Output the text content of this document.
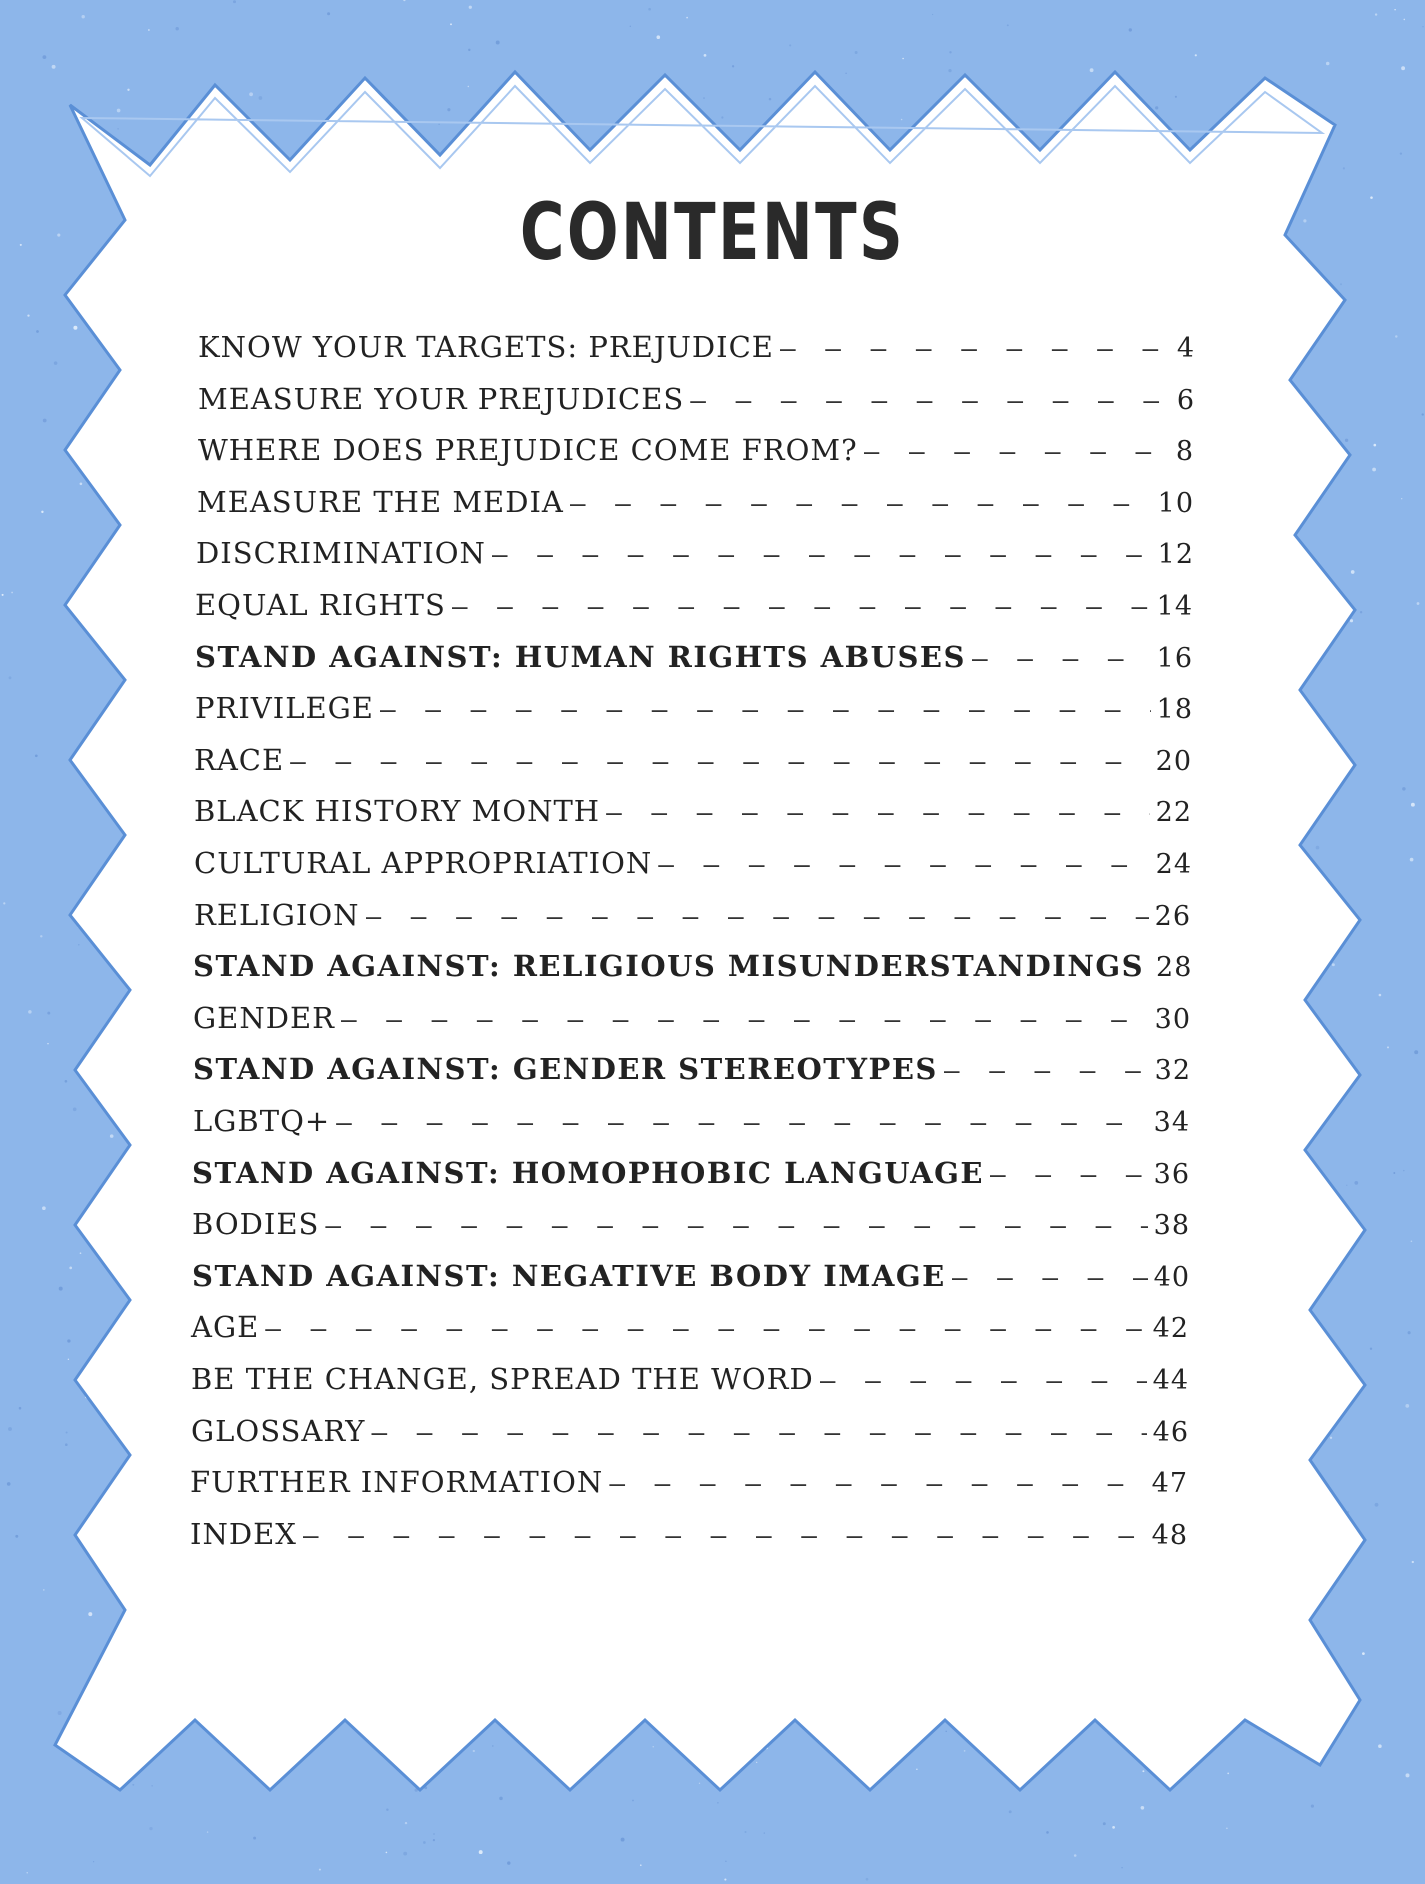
CONTENTS
KNOW YOUR TARGETS: PREJUDICE – – –	4
MEASURE YOUR PREJUDICES – – –	6
WHERE DOES PREJUDICE COME FROM? – – –	8
MEASURE THE MEDIA – – –	10
DISCRIMINATION – – –	12
EQUAL RIGHTS – – –	14
STAND AGAINST: HUMAN RIGHTS ABUSES – – –	16
PRIVILEGE – – –	18
RACE – – –	20
BLACK HISTORY MONTH – – –	22
CULTURAL APPROPRIATION – – –	24
RELIGION – – –	26
STAND AGAINST: RELIGIOUS MISUNDERSTANDINGS 28
GENDER – – –	30
STAND AGAINST: GENDER STEREOTYPES – – –	32
LGBTQ+ – – –	34
STAND AGAINST: HOMOPHOBIC LANGUAGE – – –	36
BODIES – – –	38
STAND AGAINST: NEGATIVE BODY IMAGE – – –	40
AGE – – –	42
BE THE CHANGE, SPREAD THE WORD – – –	44
GLOSSARY – – –	46
FURTHER INFORMATION – – –	47
INDEX – – –	48
